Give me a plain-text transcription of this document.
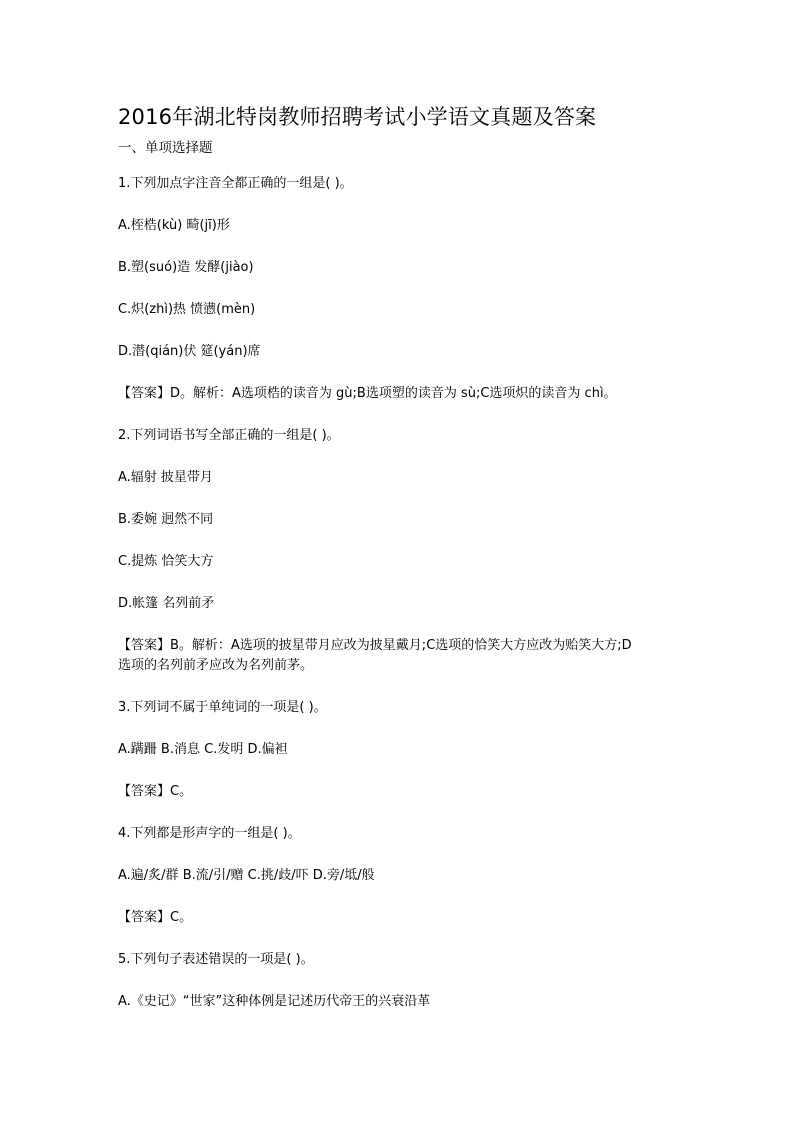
2016年湖北特岗教师招聘考试小学语文真题及答案
一、单项选择题

1.下列加点字注音全都正确的一组是( )。

A.桎梏(kù) 畸(jī)形

B.塑(suó)造 发酵(jiào)

C.炽(zhì)热 愤懑(mèn)

D.潜(qián)伏 筵(yán)席

【答案】D。解析：A选项梏的读音为 gù;B选项塑的读音为 sù;C选项炽的读音为 chì。

2.下列词语书写全部正确的一组是( )。

A.辐射 披星带月

B.委婉 迥然不同

C.提炼 恰笑大方

D.帐篷 名列前矛

【答案】B。解析：A选项的披星带月应改为披星戴月;C选项的恰笑大方应改为贻笑大方;D
选项的名列前矛应改为名列前茅。

3.下列词不属于单纯词的一项是( )。

A.蹒跚 B.消息 C.发明 D.偏袒

【答案】C。

4.下列都是形声字的一组是( )。

A.遍/炙/群 B.流/引/赠 C.挑/歧/吓 D.旁/坻/般

【答案】C。

5.下列句子表述错误的一项是( )。

A.《史记》“世家”这种体例是记述历代帝王的兴衰沿革
